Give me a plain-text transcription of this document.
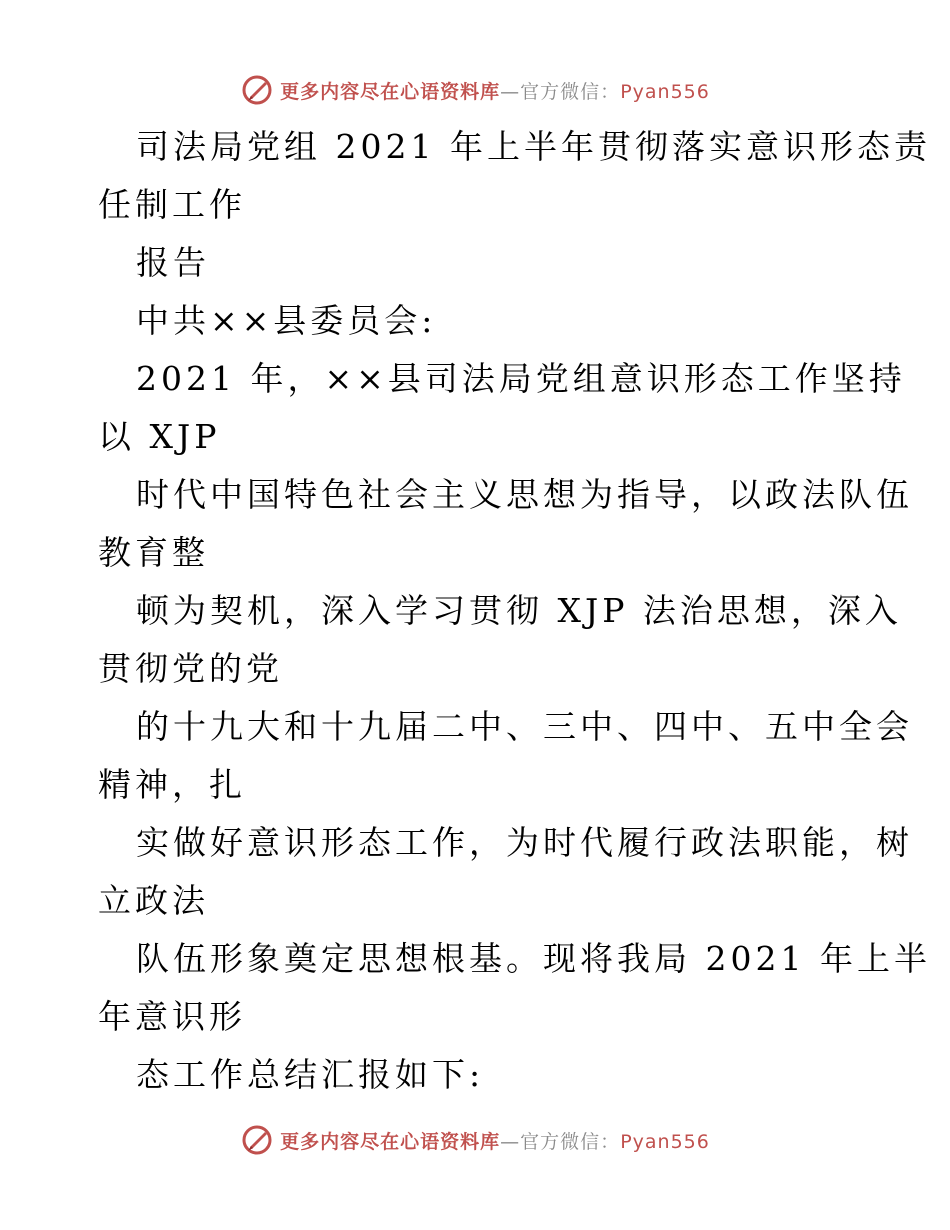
更多内容尽在心语资料库—官方微信：Pyan556
司法局党组 2021 年上半年贯彻落实意识形态责
任制工作
报告
中共××县委员会:
2021 年，××县司法局党组意识形态工作坚持
以 XJP
时代中国特色社会主义思想为指导，以政法队伍
教育整
顿为契机，深入学习贯彻 XJP 法治思想，深入
贯彻党的党
的十九大和十九届二中、三中、四中、五中全会
精神，扎
实做好意识形态工作，为时代履行政法职能，树
立政法
队伍形象奠定思想根基。现将我局 2021 年上半
年意识形
态工作总结汇报如下:
更多内容尽在心语资料库—官方微信：Pyan556
